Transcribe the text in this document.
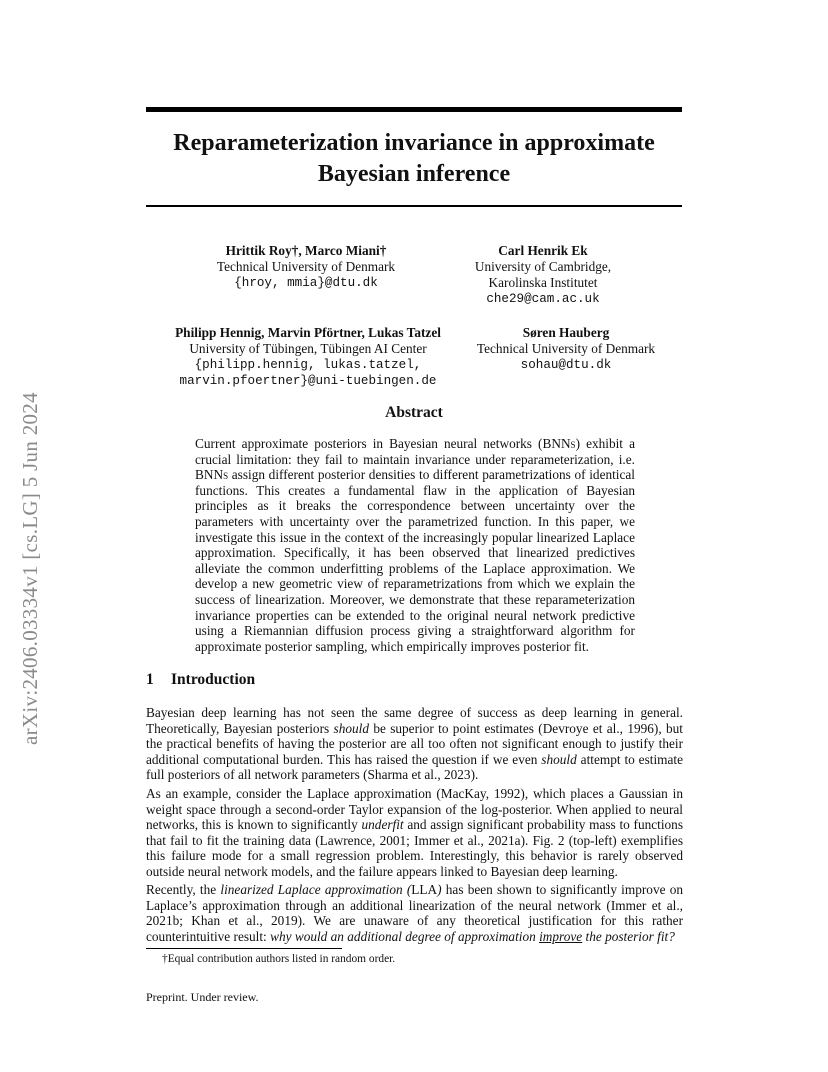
arXiv:2406.03334v1 [cs.LG] 5 Jun 2024
Reparameterization invariance in approximate
Bayesian inference
Hrittik Roy†, Marco Miani†
Technical University of Denmark
{hroy, mmia}@dtu.dk
Carl Henrik Ek
University of Cambridge,
Karolinska Institutet
che29@cam.ac.uk
Philipp Hennig, Marvin Pförtner, Lukas Tatzel
University of Tübingen, Tübingen AI Center
{philipp.hennig, lukas.tatzel,
marvin.pfoertner}@uni-tuebingen.de
Søren Hauberg
Technical University of Denmark
sohau@dtu.dk
Abstract
Current approximate posteriors in Bayesian neural networks (BNNs) exhibit a crucial limitation: they fail to maintain invariance under reparameterization, i.e. BNNs assign different posterior densities to different parametrizations of identical functions. This creates a fundamental flaw in the application of Bayesian principles as it breaks the correspondence between uncertainty over the parameters with uncertainty over the parametrized function. In this paper, we investigate this issue in the context of the increasingly popular linearized Laplace approximation. Specifically, it has been observed that linearized predictives alleviate the common underfitting problems of the Laplace approximation. We develop a new geometric view of reparametrizations from which we explain the success of linearization. Moreover, we demonstrate that these reparameterization invariance properties can be extended to the original neural network predictive using a Riemannian diffusion process giving a straightforward algorithm for approximate posterior sampling, which empirically improves posterior fit.
1 Introduction
Bayesian deep learning has not seen the same degree of success as deep learning in general. Theoretically, Bayesian posteriors should be superior to point estimates (Devroye et al., 1996), but the practical benefits of having the posterior are all too often not significant enough to justify their additional computational burden. This has raised the question if we even should attempt to estimate full posteriors of all network parameters (Sharma et al., 2023).
As an example, consider the Laplace approximation (MacKay, 1992), which places a Gaussian in weight space through a second-order Taylor expansion of the log-posterior. When applied to neural networks, this is known to significantly underfit and assign significant probability mass to functions that fail to fit the training data (Lawrence, 2001; Immer et al., 2021a). Fig. 2 (top-left) exemplifies this failure mode for a small regression problem. Interestingly, this behavior is rarely observed outside neural network models, and the failure appears linked to Bayesian deep learning.
Recently, the linearized Laplace approximation (LLA) has been shown to significantly improve on Laplace’s approximation through an additional linearization of the neural network (Immer et al., 2021b; Khan et al., 2019). We are unaware of any theoretical justification for this rather counterintuitive result: why would an additional degree of approximation improve the posterior fit?
†Equal contribution authors listed in random order.
Preprint. Under review.
